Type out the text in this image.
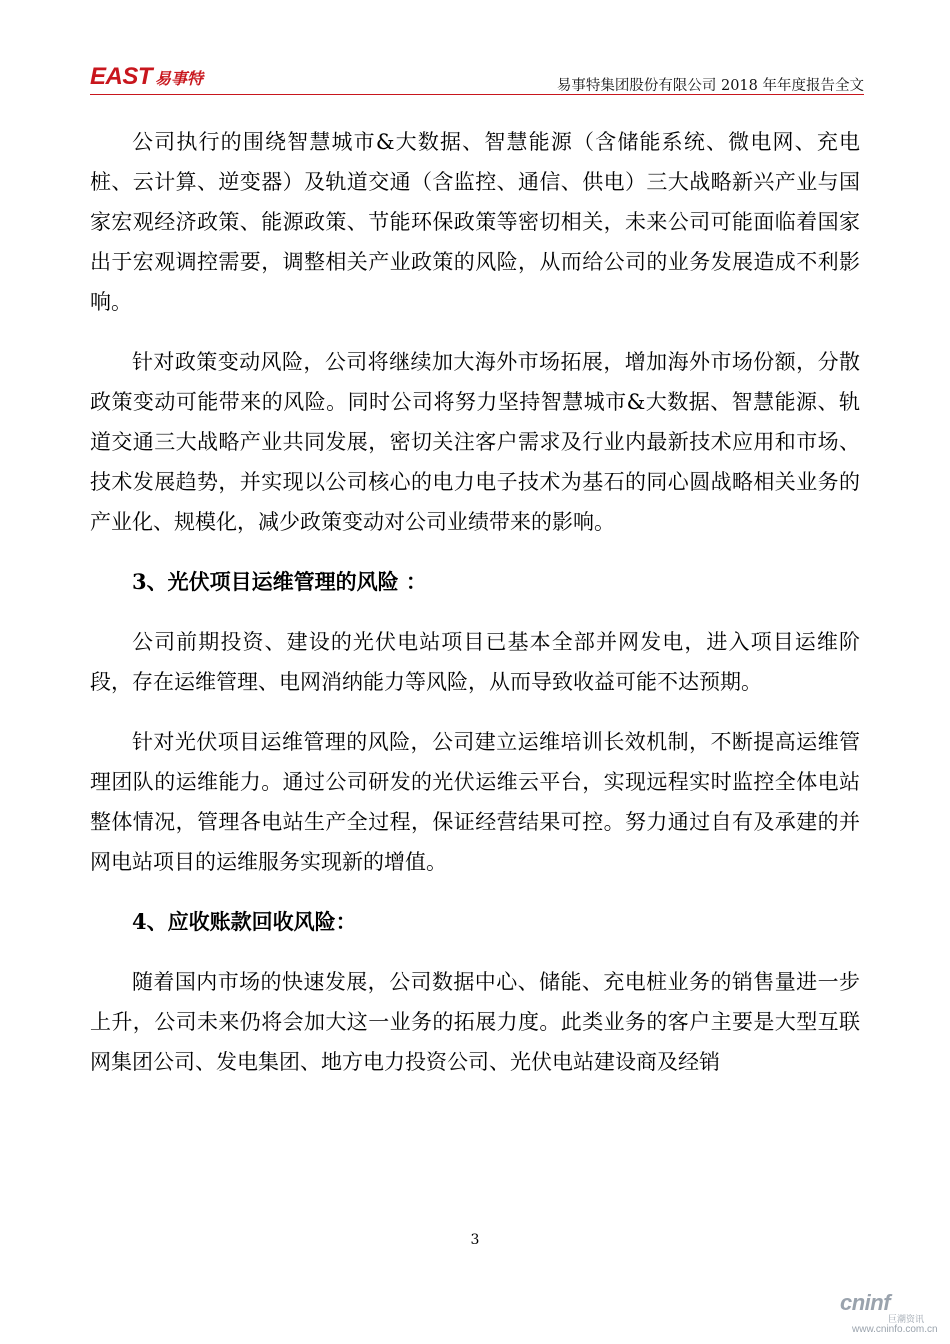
EAST 易事特	易事特集团股份有限公司 2018 年年度报告全文

公司执行的围绕智慧城市&大数据、智慧能源（含储能系统、微电网、充电桩、云计算、逆变器）及轨道交通（含监控、通信、供电）三大战略新兴产业与国家宏观经济政策、能源政策、节能环保政策等密切相关，未来公司可能面临着国家出于宏观调控需要，调整相关产业政策的风险，从而给公司的业务发展造成不利影响。

针对政策变动风险，公司将继续加大海外市场拓展，增加海外市场份额，分散政策变动可能带来的风险。同时公司将努力坚持智慧城市&大数据、智慧能源、轨道交通三大战略产业共同发展，密切关注客户需求及行业内最新技术应用和市场、技术发展趋势，并实现以公司核心的电力电子技术为基石的同心圆战略相关业务的产业化、规模化，减少政策变动对公司业绩带来的影响。

3、光伏项目运维管理的风险 ：

公司前期投资、建设的光伏电站项目已基本全部并网发电，进入项目运维阶段，存在运维管理、电网消纳能力等风险，从而导致收益可能不达预期。

针对光伏项目运维管理的风险，公司建立运维培训长效机制，不断提高运维管理团队的运维能力。通过公司研发的光伏运维云平台，实现远程实时监控全体电站整体情况，管理各电站生产全过程，保证经营结果可控。努力通过自有及承建的并网电站项目的运维服务实现新的增值。

4、应收账款回收风险：

随着国内市场的快速发展，公司数据中心、储能、充电桩业务的销售量进一步上升，公司未来仍将会加大这一业务的拓展力度。此类业务的客户主要是大型互联网集团公司、发电集团、地方电力投资公司、光伏电站建设商及经销

3
cninf
巨潮资讯
www.cninfo.com.cn
